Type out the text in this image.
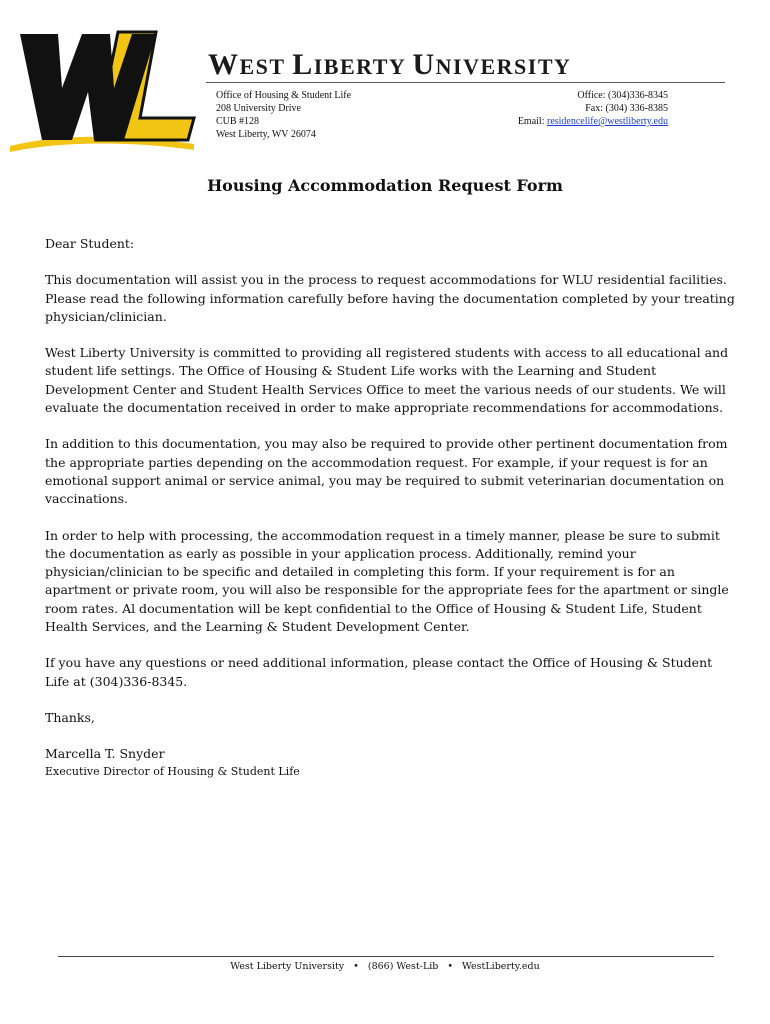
WEST LIBERTY UNIVERSITY
Office of Housing & Student Life
208 University Drive
CUB #128
West Liberty, WV 26074
Office: (304)336-8345
Fax: (304) 336-8385
Email: residencelife@westliberty.edu
Housing Accommodation Request Form

Dear Student:

This documentation will assist you in the process to request accommodations for WLU residential facilities. Please read the following information carefully before having the documentation completed by your treating physician/clinician.

West Liberty University is committed to providing all registered students with access to all educational and student life settings. The Office of Housing & Student Life works with the Learning and Student Development Center and Student Health Services Office to meet the various needs of our students. We will evaluate the documentation received in order to make appropriate recommendations for accommodations.

In addition to this documentation, you may also be required to provide other pertinent documentation from the appropriate parties depending on the accommodation request. For example, if your request is for an emotional support animal or service animal, you may be required to submit veterinarian documentation on vaccinations.

In order to help with processing, the accommodation request in a timely manner, please be sure to submit the documentation as early as possible in your application process. Additionally, remind your physician/clinician to be specific and detailed in completing this form. If your requirement is for an apartment or private room, you will also be responsible for the appropriate fees for the apartment or single room rates. Al documentation will be kept confidential to the Office of Housing & Student Life, Student Health Services, and the Learning & Student Development Center.

If you have any questions or need additional information, please contact the Office of Housing & Student Life at (304)336-8345.

Thanks,

Marcella T. Snyder

Executive Director of Housing & Student Life

West Liberty University • (866) West-Lib • WestLiberty.edu
